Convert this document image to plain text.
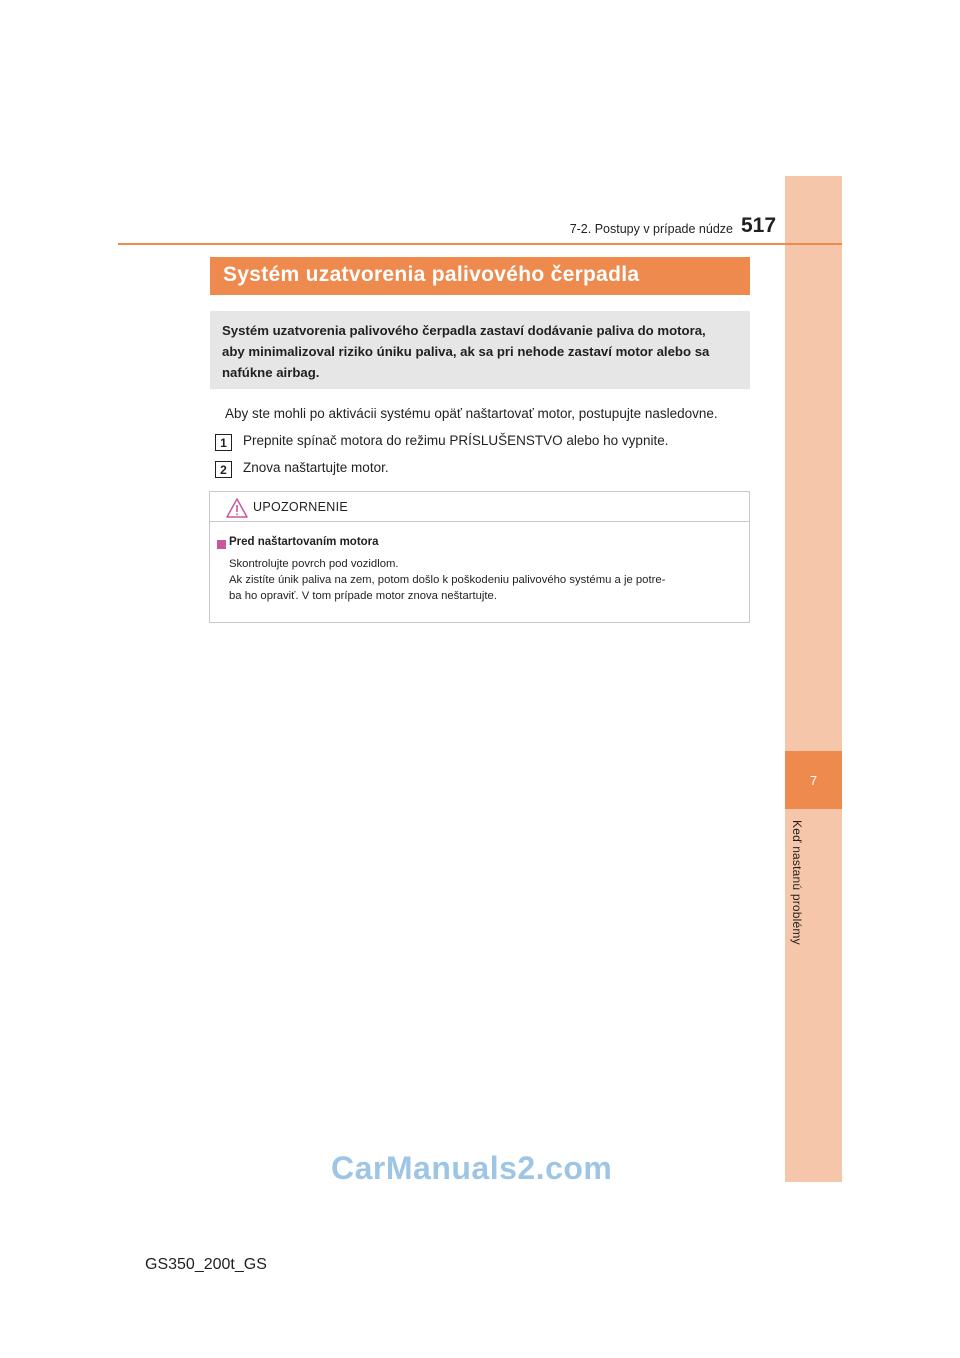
7
Keď nastanú problémy
7-2. Postupy v prípade núdze 517
Systém uzatvorenia palivového čerpadla
Systém uzatvorenia palivového čerpadla zastaví dodávanie paliva do motora,
aby minimalizoval riziko úniku paliva, ak sa pri nehode zastaví motor alebo sa
nafúkne airbag.
Aby ste mohli po aktivácii systému opäť naštartovať motor, postupujte nasledovne.
1	Prepnite spínač motora do režimu PRÍSLUŠENSTVO alebo ho vypnite.
2	Znova naštartujte motor.
UPOZORNENIE
Pred naštartovaním motora
Skontrolujte povrch pod vozidlom.
Ak zistíte únik paliva na zem, potom došlo k poškodeniu palivového systému a je potre-
ba ho opraviť. V tom prípade motor znova neštartujte.
CarManuals2.com
GS350_200t_GS
